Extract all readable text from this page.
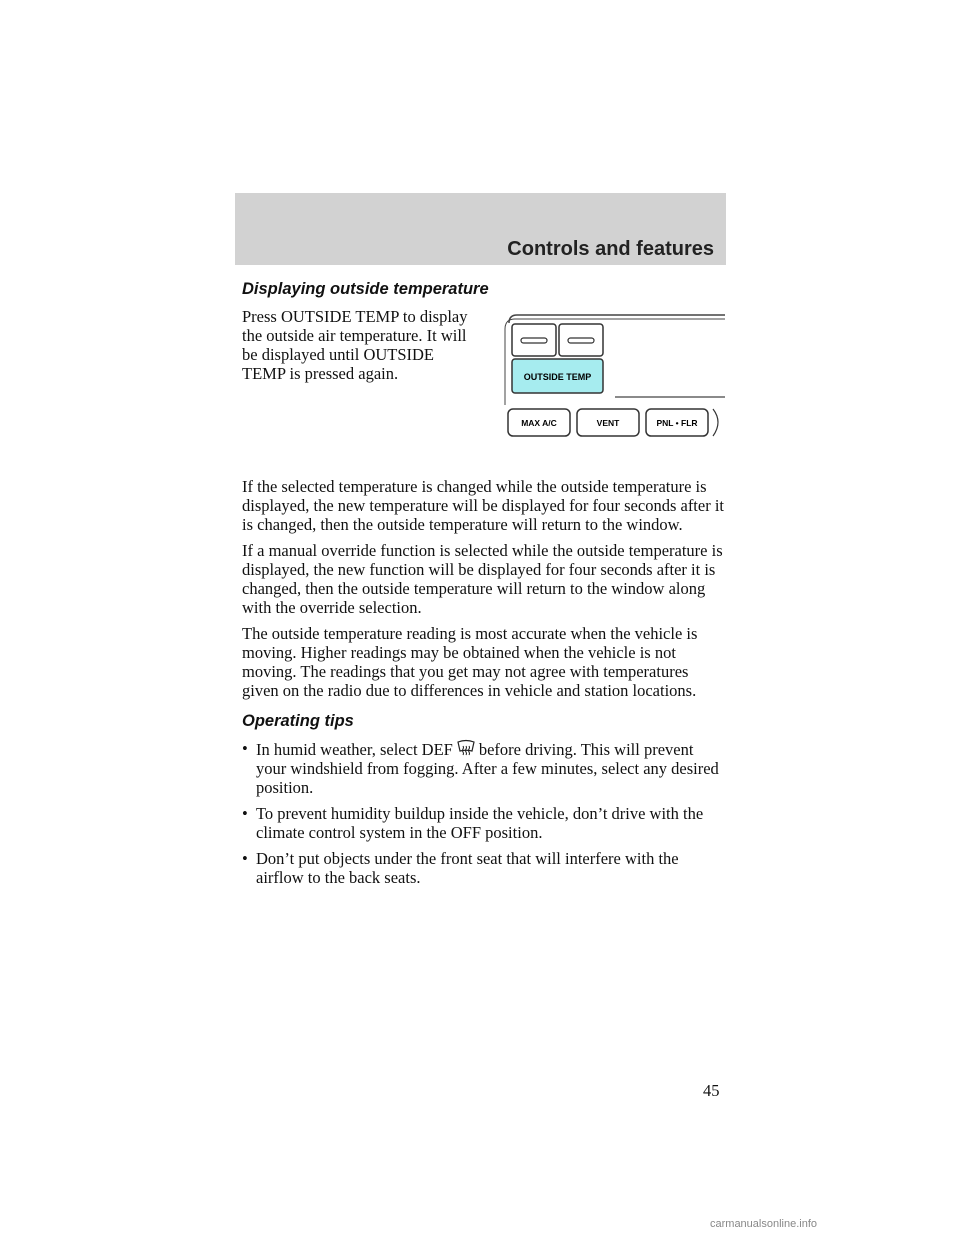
Controls and features
Displaying outside temperature

Press OUTSIDE TEMP to display the outside air temperature. It will be displayed until OUTSIDE TEMP is pressed again.	OUTSIDE TEMP
MAX A/C	VENT	PNL • FLR

If the selected temperature is changed while the outside temperature is displayed, the new temperature will be displayed for four seconds after it is changed, then the outside temperature will return to the window.

If a manual override function is selected while the outside temperature is displayed, the new function will be displayed for four seconds after it is changed, then the outside temperature will return to the window along with the override selection.

The outside temperature reading is most accurate when the vehicle is moving. Higher readings may be obtained when the vehicle is not moving. The readings that you get may not agree with temperatures given on the radio due to differences in vehicle and station locations.

Operating tips
• In humid weather, select DEF before driving. This will prevent your windshield from fogging. After a few minutes, select any desired position.
• To prevent humidity buildup inside the vehicle, don’t drive with the climate control system in the OFF position.
• Don’t put objects under the front seat that will interfere with the airflow to the back seats.
45
carmanualsonline.info
